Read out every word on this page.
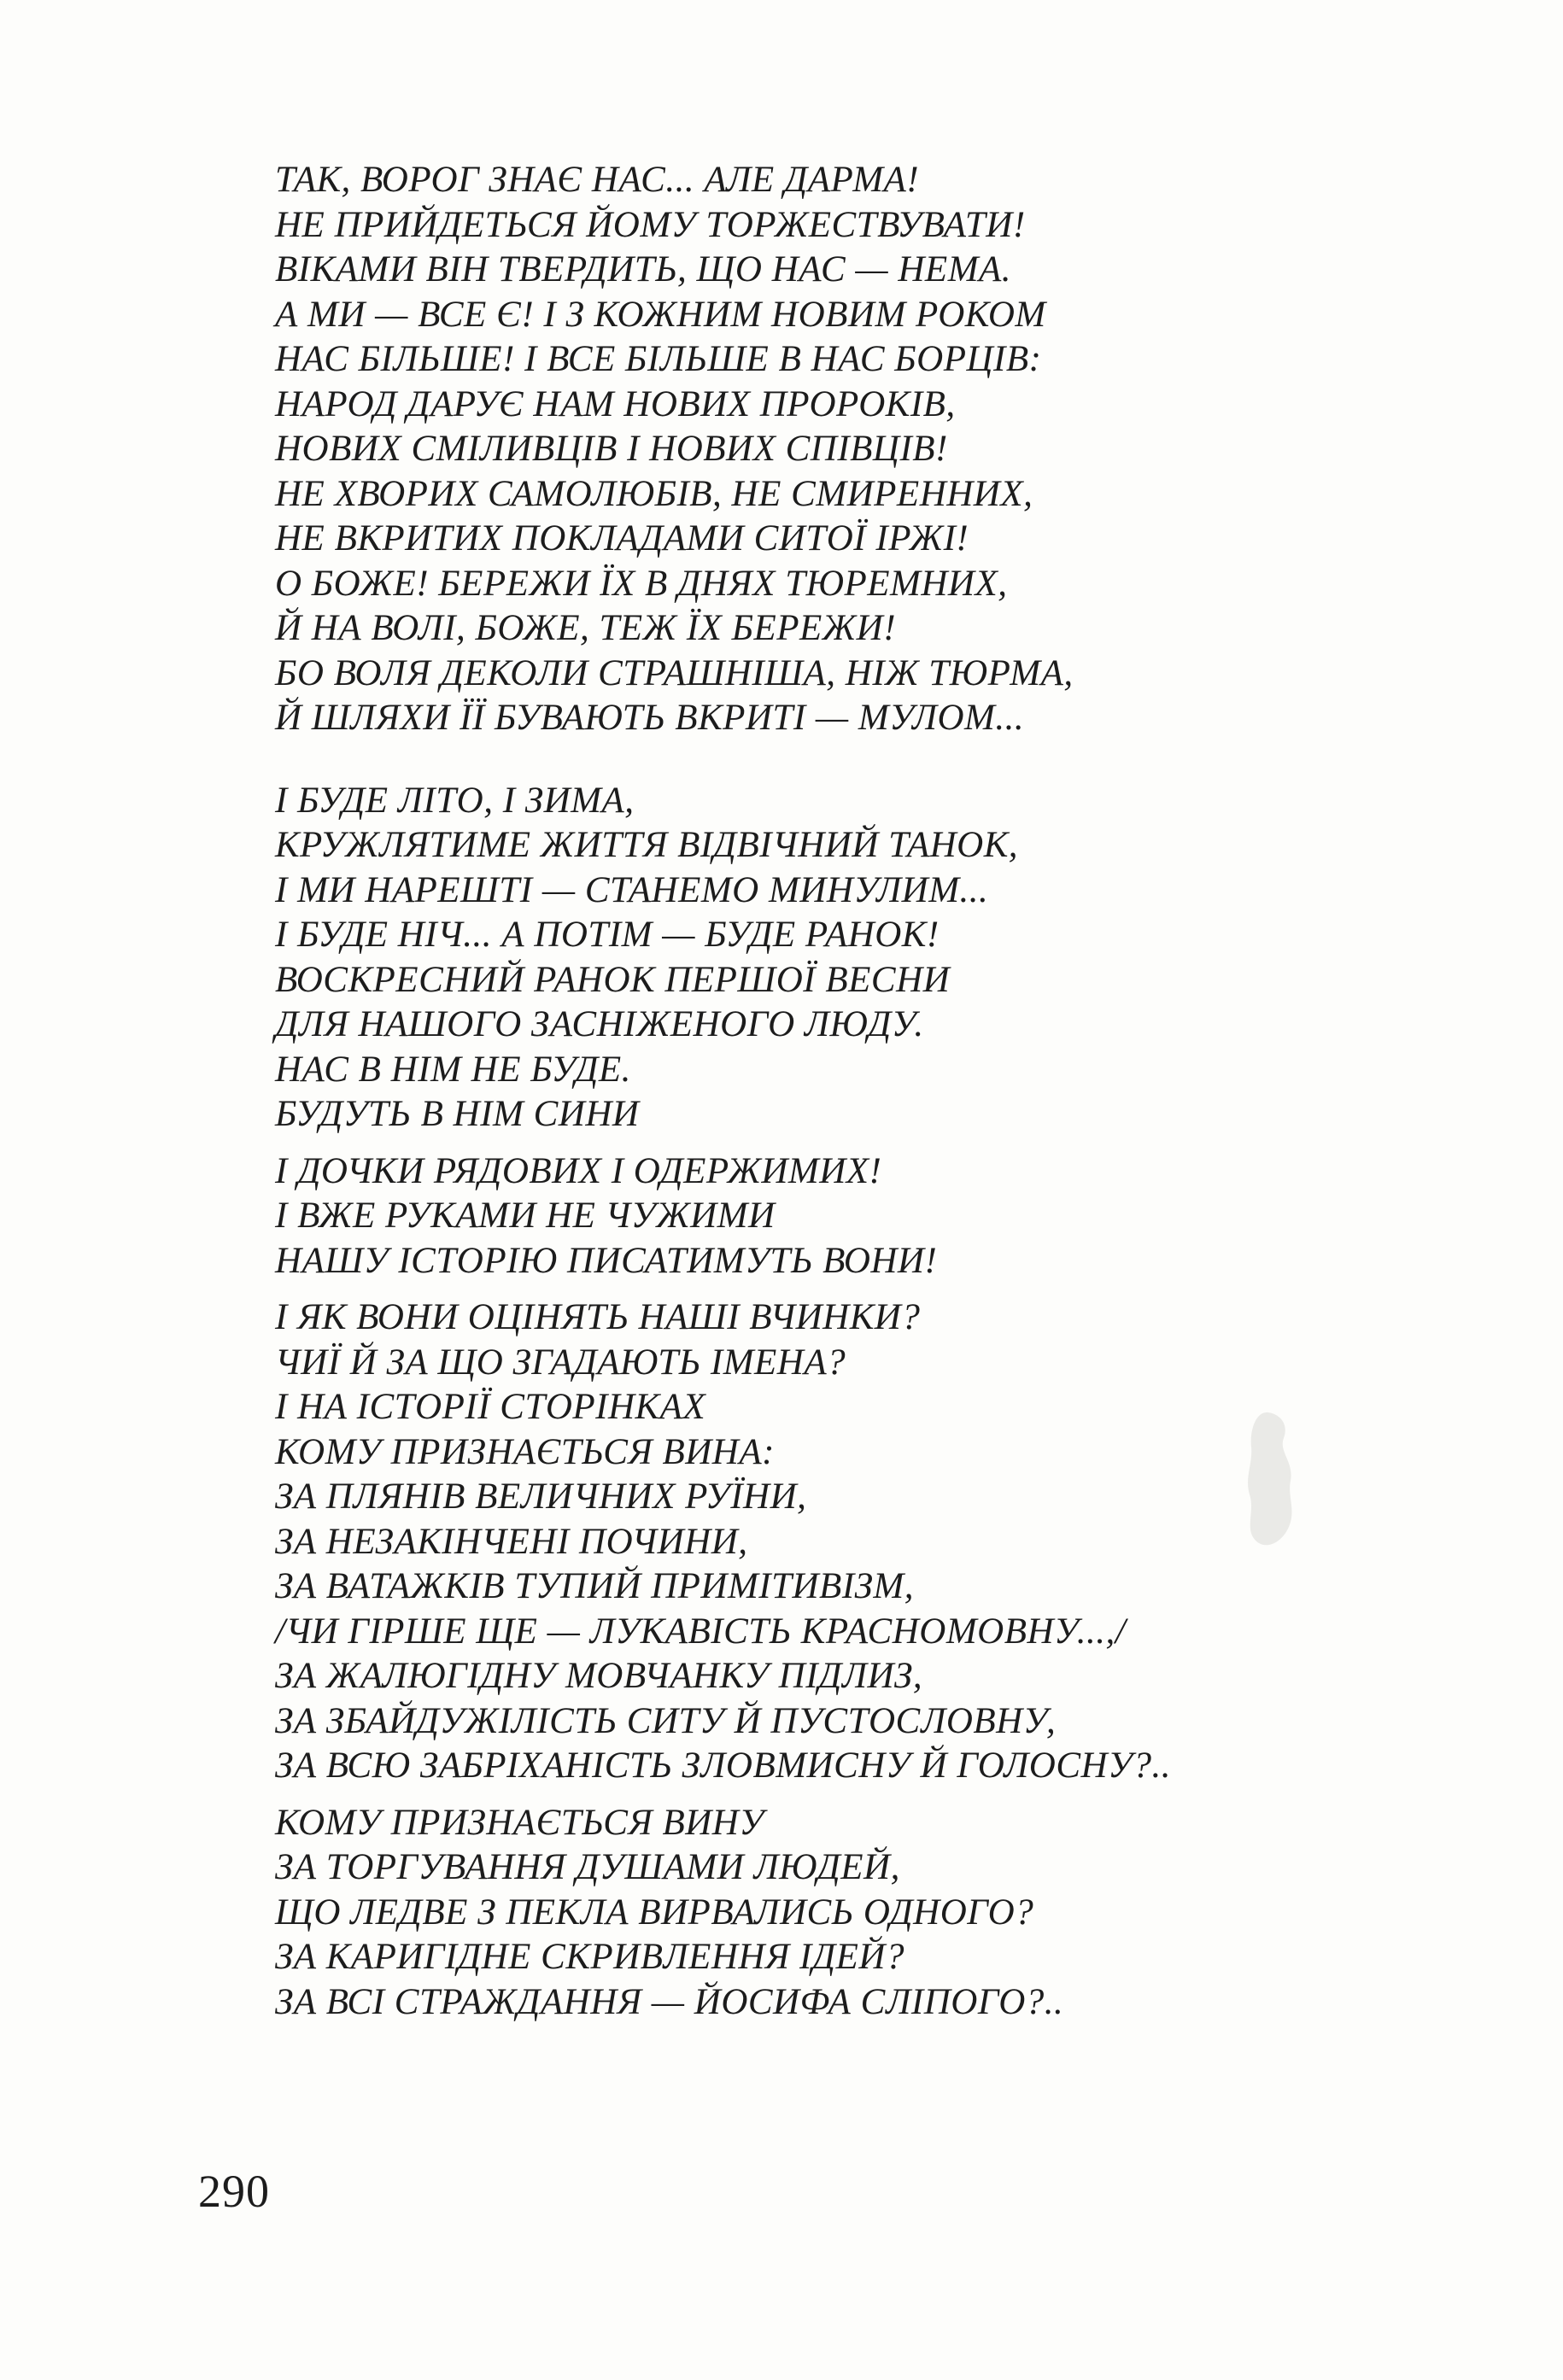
ТАК, ВОРОГ ЗНАЄ НАС... АЛЕ ДАРМА!
НЕ ПРИЙДЕТЬСЯ ЙОМУ ТОРЖЕСТВУВАТИ!
ВІКАМИ ВІН ТВЕРДИТЬ, ЩО НАС — НЕМА.
А МИ — ВСЕ Є! І З КОЖНИМ НОВИМ РОКОМ
НАС БІЛЬШЕ! І ВСЕ БІЛЬШЕ В НАС БОРЦІВ:
НАРОД ДАРУЄ НАМ НОВИХ ПРОРОКІВ,
НОВИХ СМІЛИВЦІВ І НОВИХ СПІВЦІВ!
НЕ ХВОРИХ САМОЛЮБІВ, НЕ СМИРЕННИХ,
НЕ ВКРИТИХ ПОКЛАДАМИ СИТОЇ ІРЖІ!
О БОЖЕ! БЕРЕЖИ ЇХ В ДНЯХ ТЮРЕМНИХ,
Й НА ВОЛІ, БОЖЕ, ТЕЖ ЇХ БЕРЕЖИ!
БО ВОЛЯ ДЕКОЛИ СТРАШНІША, НІЖ ТЮРМА,
Й ШЛЯХИ ЇЇ БУВАЮТЬ ВКРИТІ — МУЛОМ...
І БУДЕ ЛІТО, І ЗИМА,
КРУЖЛЯТИМЕ ЖИТТЯ ВІДВІЧНИЙ ТАНОК,
І МИ НАРЕШТІ — СТАНЕМО МИНУЛИМ...
І БУДЕ НІЧ... А ПОТІМ — БУДЕ РАНОК!
ВОСКРЕСНИЙ РАНОК ПЕРШОЇ ВЕСНИ
ДЛЯ НАШОГО ЗАСНІЖЕНОГО ЛЮДУ.
НАС В НІМ НЕ БУДЕ.
БУДУТЬ В НІМ СИНИ
І ДОЧКИ РЯДОВИХ І ОДЕРЖИМИХ!
І ВЖЕ РУКАМИ НЕ ЧУЖИМИ
НАШУ ІСТОРІЮ ПИСАТИМУТЬ ВОНИ!
І ЯК ВОНИ ОЦІНЯТЬ НАШІ ВЧИНКИ?
ЧИЇ Й ЗА ЩО ЗГАДАЮТЬ ІМЕНА?
І НА ІСТОРІЇ СТОРІНКАХ
КОМУ ПРИЗНАЄТЬСЯ ВИНА:
ЗА ПЛЯНІВ ВЕЛИЧНИХ РУЇНИ,
ЗА НЕЗАКІНЧЕНІ ПОЧИНИ,
ЗА ВАТАЖКІВ ТУПИЙ ПРИМІТИВІЗМ,
/ЧИ ГІРШЕ ЩЕ — ЛУКАВІСТЬ КРАСНОМОВНУ...,/
ЗА ЖАЛЮГІДНУ МОВЧАНКУ ПІДЛИЗ,
ЗА ЗБАЙДУЖІЛІСТЬ СИТУ Й ПУСТОСЛОВНУ,
ЗА ВСЮ ЗАБРІХАНІСТЬ ЗЛОВМИСНУ Й ГОЛОСНУ?..
КОМУ ПРИЗНАЄТЬСЯ ВИНУ
ЗА ТОРГУВАННЯ ДУШАМИ ЛЮДЕЙ,
ЩО ЛЕДВЕ З ПЕКЛА ВИРВАЛИСЬ ОДНОГО?
ЗА КАРИГІДНЕ СКРИВЛЕННЯ ІДЕЙ?
ЗА ВСІ СТРАЖДАННЯ — ЙОСИФА СЛІПОГО?..
290
